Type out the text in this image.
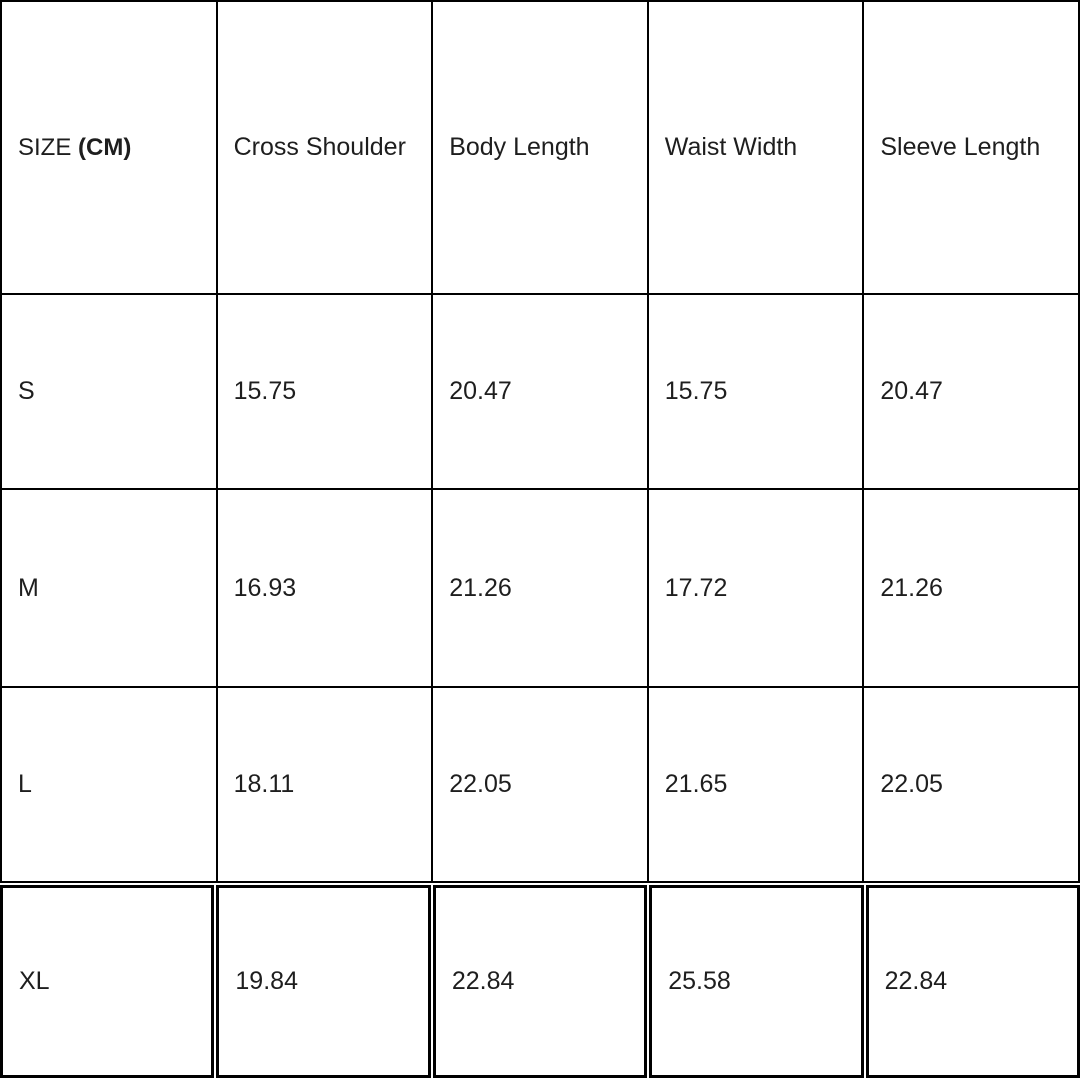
SIZE (CM)	Cross Shoulder	Body Length	Waist Width	Sleeve Length
S	15.75	20.47	15.75	20.47
M	16.93	21.26	17.72	21.26
L	18.11	22.05	21.65	22.05
XL	19.84	22.84	25.58	22.84
